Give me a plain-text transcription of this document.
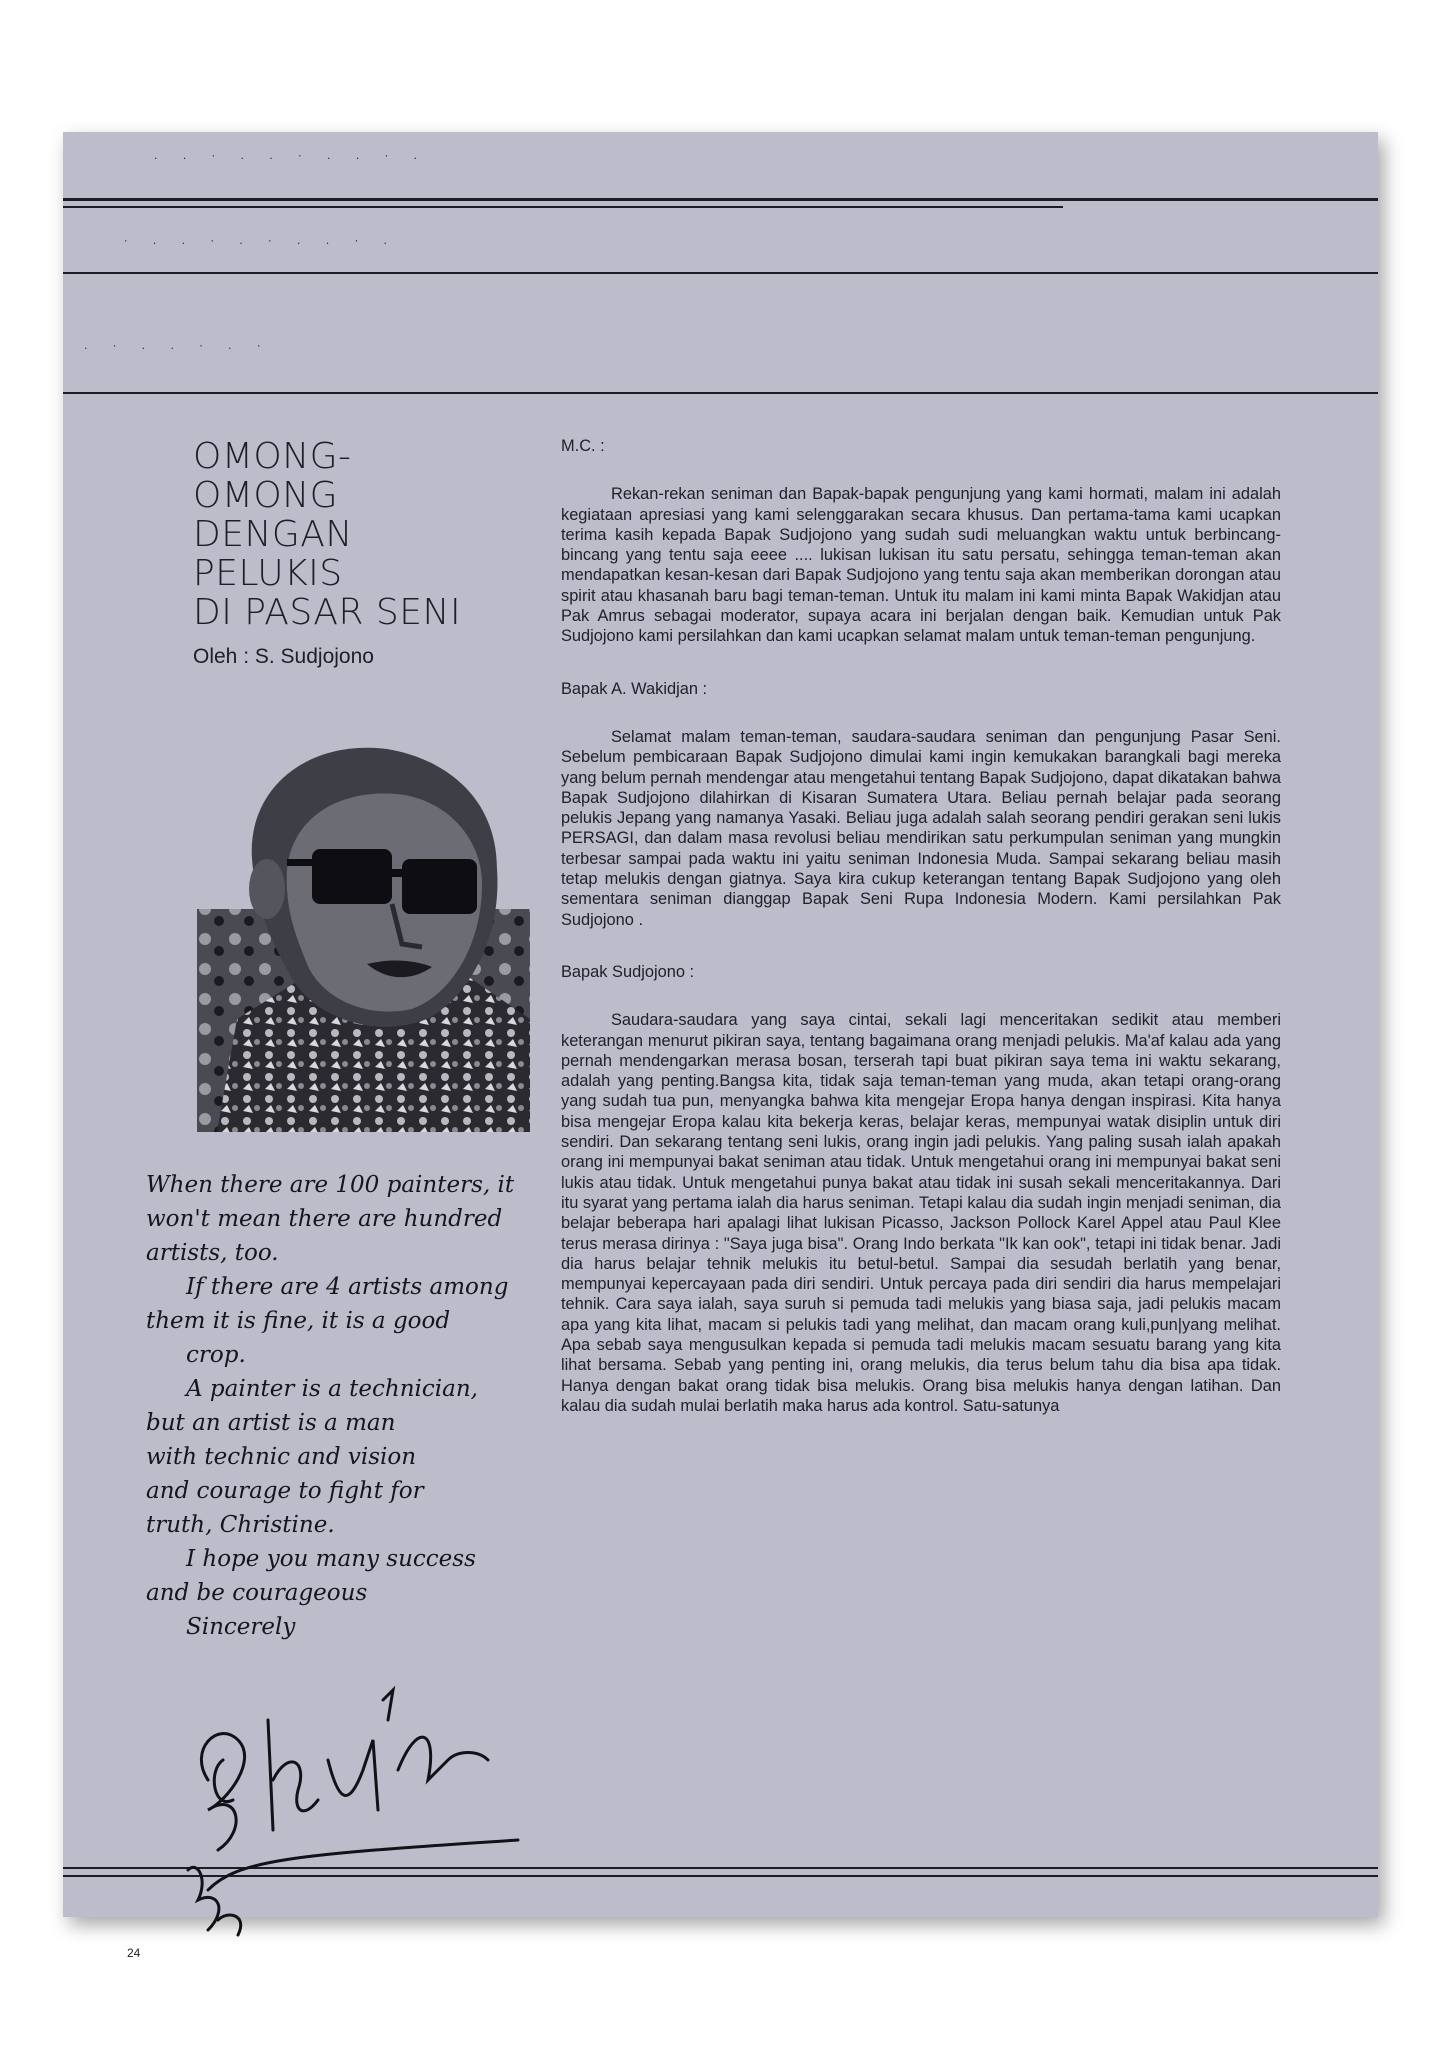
. . · . . · . . · .
· . . · . · . . · .
. · . . · . ·
OMONG-
OMONG
DENGAN
PELUKIS
DI PASAR SENI
Oleh : S. Sudjojono
M.C. :

Rekan-rekan seniman dan Bapak-bapak pengunjung yang kami hormati, malam ini adalah kegiataan apresiasi yang kami selenggarakan secara khusus. Dan pertama-tama kami ucapkan terima kasih kepada Bapak Sudjojono yang sudah sudi meluangkan waktu untuk berbincang-bincang yang tentu saja eeee .... lukisan lukisan itu satu persatu, sehingga teman-teman akan mendapatkan kesan-kesan dari Bapak Sudjojono yang tentu saja akan memberikan dorongan atau spirit atau khasanah baru bagi teman-teman. Untuk itu malam ini kami minta Bapak Wakidjan atau Pak Amrus sebagai moderator, supaya acara ini berjalan dengan baik. Kemudian untuk Pak Sudjojono kami persilahkan dan kami ucapkan selamat malam untuk teman-teman pengunjung.

Bapak A. Wakidjan :

Selamat malam teman-teman, saudara-saudara seniman dan pengunjung Pasar Seni. Sebelum pembicaraan Bapak Sudjojono dimulai kami ingin kemukakan barangkali bagi mereka yang belum pernah mendengar atau mengetahui tentang Bapak Sudjojono, dapat dikatakan bahwa Bapak Sudjojono dilahirkan di Kisaran Sumatera Utara. Beliau pernah belajar pada seorang pelukis Jepang yang namanya Yasaki. Beliau juga adalah salah seorang pendiri gerakan seni lukis PERSAGI, dan dalam masa revolusi beliau mendirikan satu perkumpulan seniman yang mungkin terbesar sampai pada waktu ini yaitu seniman Indonesia Muda. Sampai sekarang beliau masih tetap melukis dengan giatnya. Saya kira cukup keterangan tentang Bapak Sudjojono yang oleh sementara seniman dianggap Bapak Seni Rupa Indonesia Modern. Kami persilahkan Pak Sudjojono .

Bapak Sudjojono :

Saudara-saudara yang saya cintai, sekali lagi menceritakan sedikit atau memberi keterangan menurut pikiran saya, tentang bagaimana orang menjadi pelukis. Ma'af kalau ada yang pernah mendengarkan merasa bosan, terserah tapi buat pikiran saya tema ini waktu sekarang, adalah yang penting.Bangsa kita, tidak saja teman-teman yang muda, akan tetapi orang-orang yang sudah tua pun, menyangka bahwa kita mengejar Eropa hanya dengan inspirasi. Kita hanya bisa mengejar Eropa kalau kita bekerja keras, belajar keras, mempunyai watak disiplin untuk diri sendiri. Dan sekarang tentang seni lukis, orang ingin jadi pelukis. Yang paling susah ialah apakah orang ini mempunyai bakat seniman atau tidak. Untuk mengetahui orang ini mempunyai bakat seni lukis atau tidak. Untuk mengetahui punya bakat atau tidak ini susah sekali menceritakannya. Dari itu syarat yang pertama ialah dia harus seniman. Tetapi kalau dia sudah ingin menjadi seniman, dia belajar beberapa hari apalagi lihat lukisan Picasso, Jackson Pollock Karel Appel atau Paul Klee terus merasa dirinya : "Saya juga bisa". Orang Indo berkata "Ik kan ook", tetapi ini tidak benar. Jadi dia harus belajar tehnik melukis itu betul-betul. Sampai dia sesudah berlatih yang benar, mempunyai kepercayaan pada diri sendiri. Untuk percaya pada diri sendiri dia harus mempelajari tehnik. Cara saya ialah, saya suruh si pemuda tadi melukis yang biasa saja, jadi pelukis macam apa yang kita lihat, macam si pelukis tadi yang melihat, dan macam orang kuli,pun|yang melihat. Apa sebab saya mengusulkan kepada si pemuda tadi melukis macam sesuatu barang yang kita lihat bersama. Sebab yang penting ini, orang melukis, dia terus belum tahu dia bisa apa tidak. Hanya dengan bakat orang tidak bisa melukis. Orang bisa melukis hanya dengan latihan. Dan kalau dia sudah mulai berlatih maka harus ada kontrol. Satu-satunya

When there are 100 painters, it
won't mean there are hundred
artists, too.
If there are 4 artists among
them it is fine, it is a good
crop.
A painter is a technician,
but an artist is a man
with technic and vision
and courage to fight for
truth, Christine.
I hope you many success
and be courageous
Sincerely
24
